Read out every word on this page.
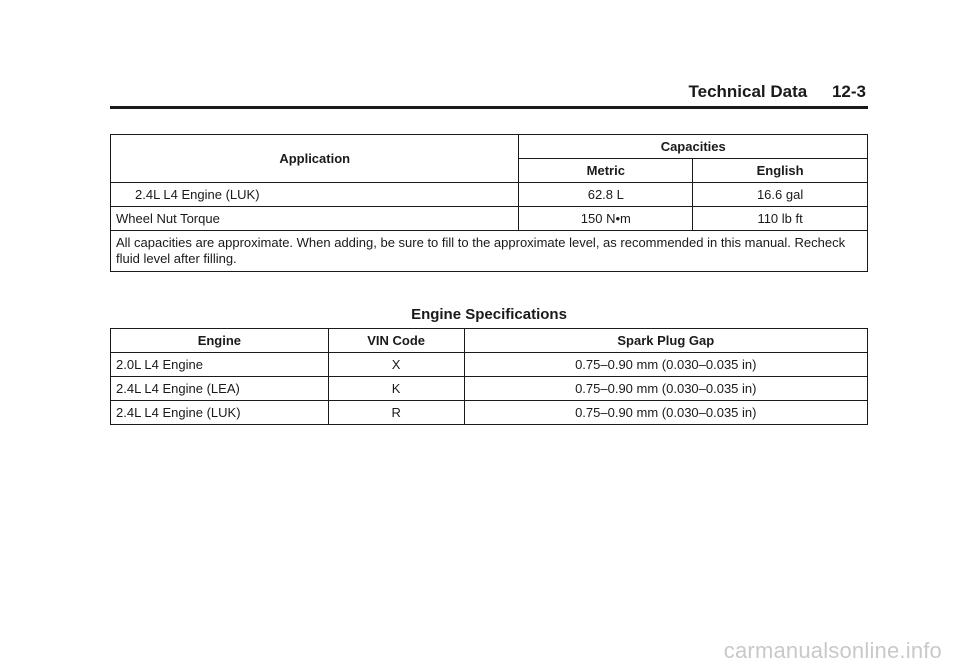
Technical Data 12-3
Application	Capacities	
	Metric	English
2.4L L4 Engine (LUK)	62.8 L	16.6 gal
Wheel Nut Torque	150 N•m	110 lb ft
All capacities are approximate. When adding, be sure to fill to the approximate level, as recommended in this manual. Recheck fluid level after filling.		
Engine Specifications
Engine	VIN Code	Spark Plug Gap
2.0L L4 Engine	X	0.75–0.90 mm (0.030–0.035 in)
2.4L L4 Engine (LEA)	K	0.75–0.90 mm (0.030–0.035 in)
2.4L L4 Engine (LUK)	R	0.75–0.90 mm (0.030–0.035 in)
carmanualsonline.info
